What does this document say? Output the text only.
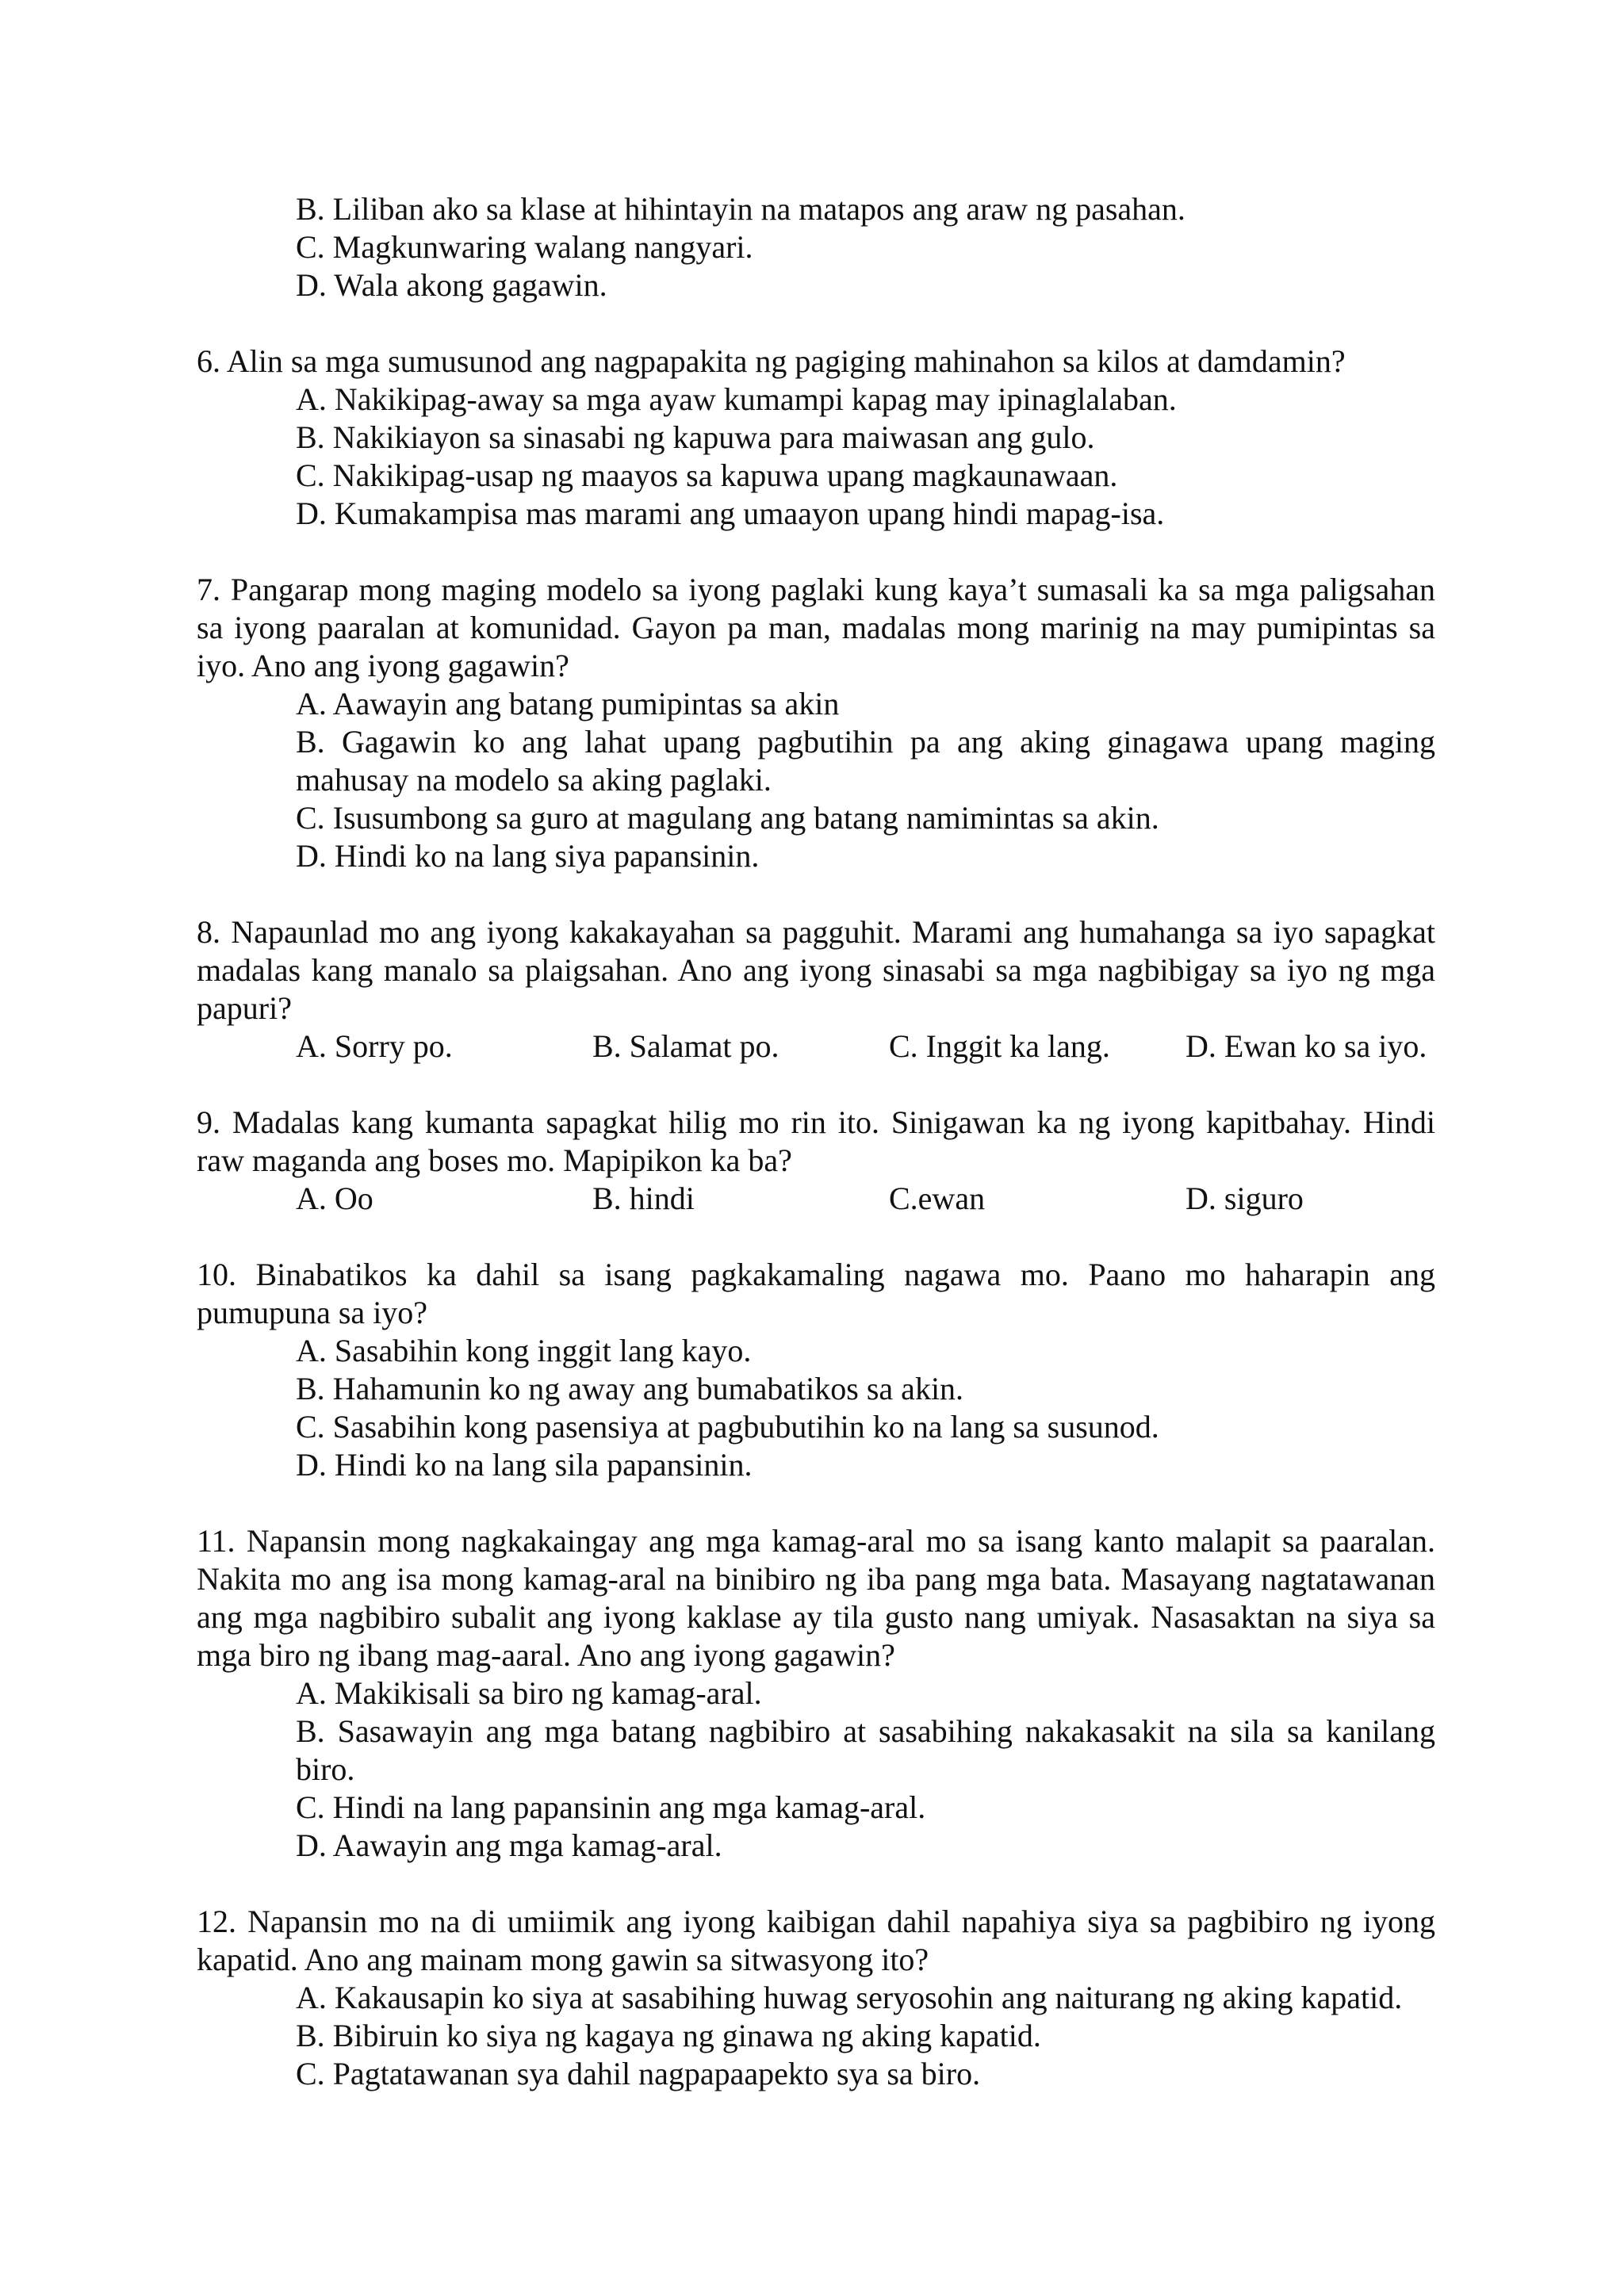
B. Liliban ako sa klase at hihintayin na matapos ang araw ng pasahan.

C. Magkunwaring walang nangyari.

D. Wala akong gagawin.

6. Alin sa mga sumusunod ang nagpapakita ng pagiging mahinahon sa kilos at damdamin?

A. Nakikipag-away sa mga ayaw kumampi kapag may ipinaglalaban.

B. Nakikiayon sa sinasabi ng kapuwa para maiwasan ang gulo.

C. Nakikipag-usap ng maayos sa kapuwa upang magkaunawaan.

D. Kumakampisa mas marami ang umaayon upang hindi mapag-isa.

7. Pangarap mong maging modelo sa iyong paglaki kung kaya’t sumasali ka sa mga paligsahan sa iyong paaralan at komunidad. Gayon pa man, madalas mong marinig na may pumipintas sa iyo. Ano ang iyong gagawin?

A. Aawayin ang batang pumipintas sa akin

B. Gagawin ko ang lahat upang pagbutihin pa ang aking ginagawa upang maging mahusay na modelo sa aking paglaki.

C. Isusumbong sa guro at magulang ang batang namimintas sa akin.

D. Hindi ko na lang siya papansinin.

8. Napaunlad mo ang iyong kakakayahan sa pagguhit. Marami ang humahanga sa iyo sapagkat madalas kang manalo sa plaigsahan. Ano ang iyong sinasabi sa mga nagbibigay sa iyo ng mga papuri?

A. Sorry po.	B. Salamat po.	C. Inggit ka lang.	D. Ewan ko sa iyo.

9. Madalas kang kumanta sapagkat hilig mo rin ito. Sinigawan ka ng iyong kapitbahay. Hindi raw maganda ang boses mo. Mapipikon ka ba?

A. Oo	B. hindi	C.ewan	D. siguro

10. Binabatikos ka dahil sa isang pagkakamaling nagawa mo. Paano mo haharapin ang pumupuna sa iyo?

A. Sasabihin kong inggit lang kayo.

B. Hahamunin ko ng away ang bumabatikos sa akin.

C. Sasabihin kong pasensiya at pagbubutihin ko na lang sa susunod.

D. Hindi ko na lang sila papansinin.

11. Napansin mong nagkakaingay ang mga kamag-aral mo sa isang kanto malapit sa paaralan. Nakita mo ang isa mong kamag-aral na binibiro ng iba pang mga bata. Masayang nagtatawanan ang mga nagbibiro subalit ang iyong kaklase ay tila gusto nang umiyak. Nasasaktan na siya sa mga biro ng ibang mag-aaral. Ano ang iyong gagawin?

A. Makikisali sa biro ng kamag-aral.

B. Sasawayin ang mga batang nagbibiro at sasabihing nakakasakit na sila sa kanilang biro.

C. Hindi na lang papansinin ang mga kamag-aral.

D. Aawayin ang mga kamag-aral.

12. Napansin mo na di umiimik ang iyong kaibigan dahil napahiya siya sa pagbibiro ng iyong kapatid. Ano ang mainam mong gawin sa sitwasyong ito?

A. Kakausapin ko siya at sasabihing huwag seryosohin ang naiturang ng aking kapatid.

B. Bibiruin ko siya ng kagaya ng ginawa ng aking kapatid.

C. Pagtatawanan sya dahil nagpapaapekto sya sa biro.
